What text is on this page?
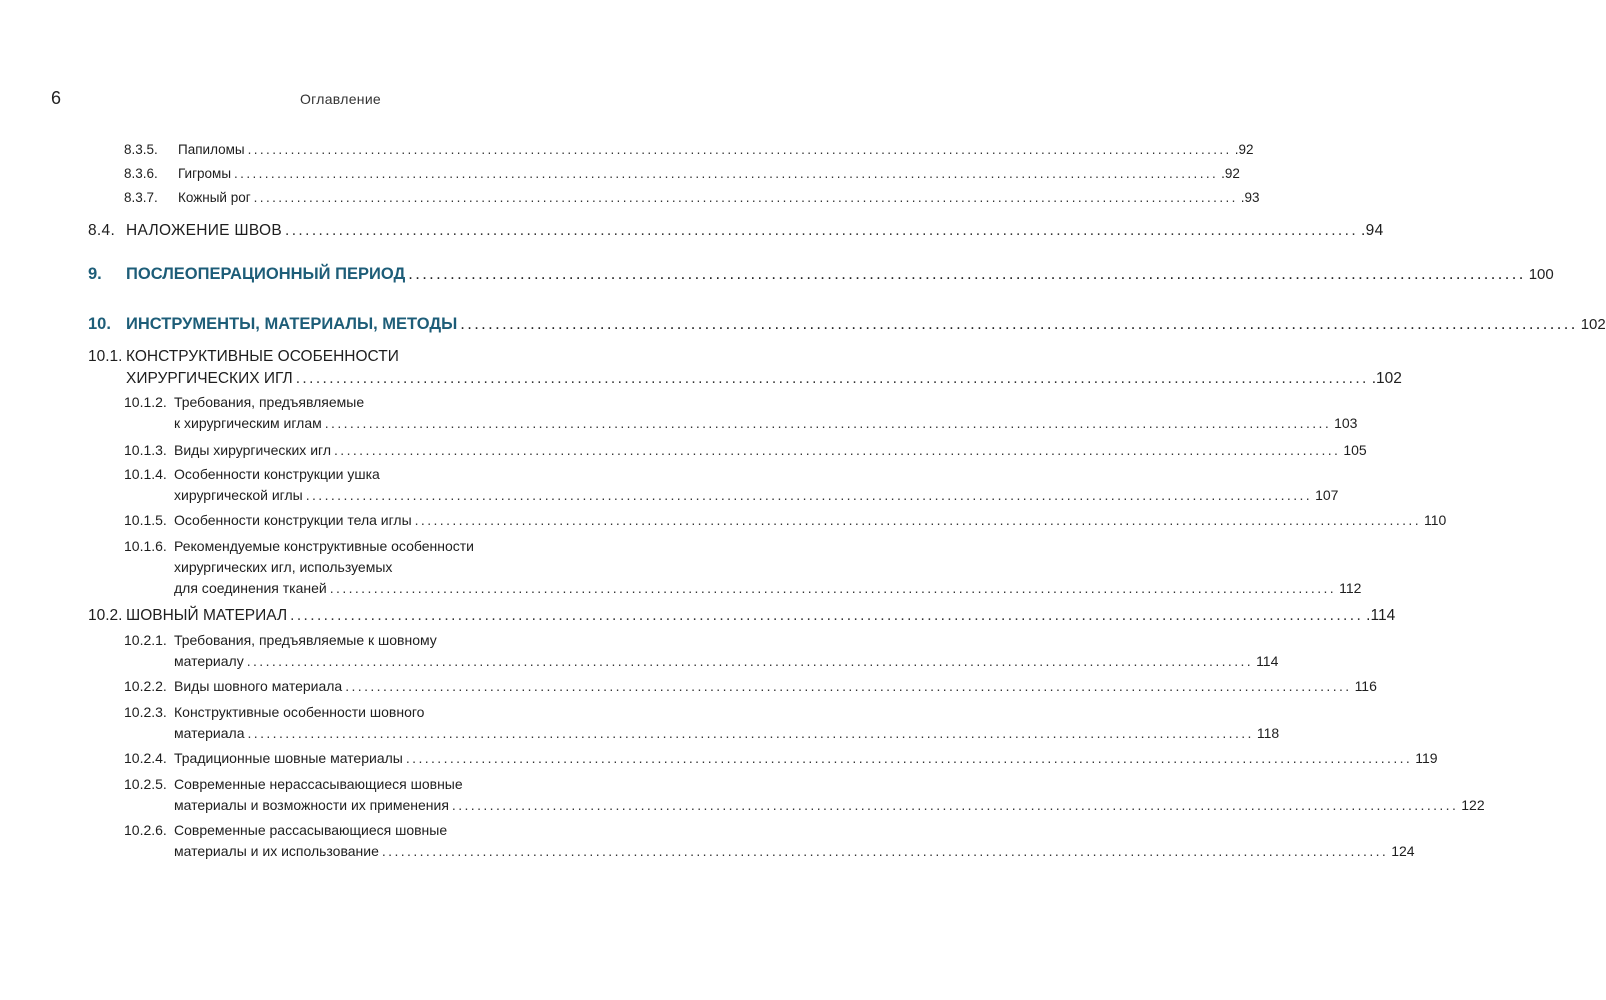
6	Оглавление
8.3.5.	Папиломы ................................................................................................................................................................ .92
8.3.6.	Гигромы ................................................................................................................................................................ .92
8.3.7.	Кожный рог ................................................................................................................................................................ .93
8.4. НАЛОЖЕНИЕ ШВОВ ................................................................................................................................................................ .94
9.	ПОСЛЕОПЕРАЦИОННЫЙ ПЕРИОД ................................................................................................................................................................ 100
10. ИНСТРУМЕНТЫ, МАТЕРИАЛЫ, МЕТОДЫ ................................................................................................................................................................ 102
10.1. КОНСТРУКТИВНЫЕ ОСОБЕННОСТИ
ХИРУРГИЧЕСКИХ ИГЛ ................................................................................................................................................................ .102
10.1.2. Требования, предъявляемые
к хирургическим иглам ................................................................................................................................................................ 103
10.1.3. Виды хирургических игл ................................................................................................................................................................ 105
10.1.4. Особенности конструкции ушка
хирургической иглы ................................................................................................................................................................ 107
10.1.5. Особенности конструкции тела иглы ................................................................................................................................................................ 110
10.1.6. Рекомендуемые конструктивные особенности
хирургических игл, используемых
для соединения тканей ................................................................................................................................................................ 112
10.2. ШОВНЫЙ МАТЕРИАЛ ................................................................................................................................................................ .114
10.2.1. Требования, предъявляемые к шовному
материалу ................................................................................................................................................................ 114
10.2.2. Виды шовного материала ................................................................................................................................................................ 116
10.2.3. Конструктивные особенности шовного
материала ................................................................................................................................................................ 118
10.2.4. Традиционные шовные материалы ................................................................................................................................................................ 119
10.2.5. Современные нерассасывающиеся шовные
материалы и возможности их применения ................................................................................................................................................................ 122
10.2.6. Современные рассасывающиеся шовные
материалы и их использование ................................................................................................................................................................ 124
